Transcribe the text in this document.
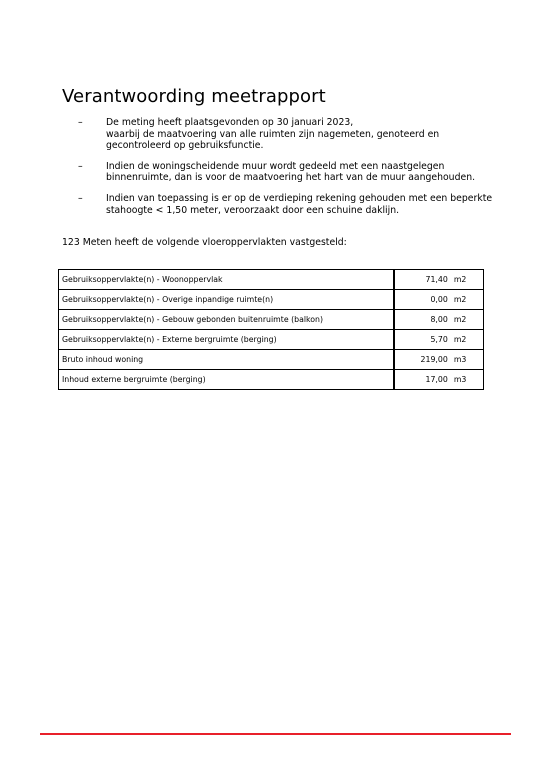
Verantwoording meetrapport
–	De meting heeft plaatsgevonden op 30 januari 2023,
waarbij de maatvoering van alle ruimten zijn nagemeten, genoteerd en
gecontroleerd op gebruiksfunctie.
–	Indien de woningscheidende muur wordt gedeeld met een naastgelegen
binnenruimte, dan is voor de maatvoering het hart van de muur aangehouden.
–	Indien van toepassing is er op de verdieping rekening gehouden met een beperkte
stahoogte < 1,50 meter, veroorzaakt door een schuine daklijn.
123 Meten heeft de volgende vloeroppervlakten vastgesteld:
Gebruiksoppervlakte(n) - Woonoppervlak	71,40	m2
Gebruiksoppervlakte(n) - Overige inpandige ruimte(n)	0,00	m2
Gebruiksoppervlakte(n) - Gebouw gebonden buitenruimte (balkon)	8,00	m2
Gebruiksoppervlakte(n) - Externe bergruimte (berging)	5,70	m2
Bruto inhoud woning	219,00	m3
Inhoud externe bergruimte (berging)	17,00	m3
